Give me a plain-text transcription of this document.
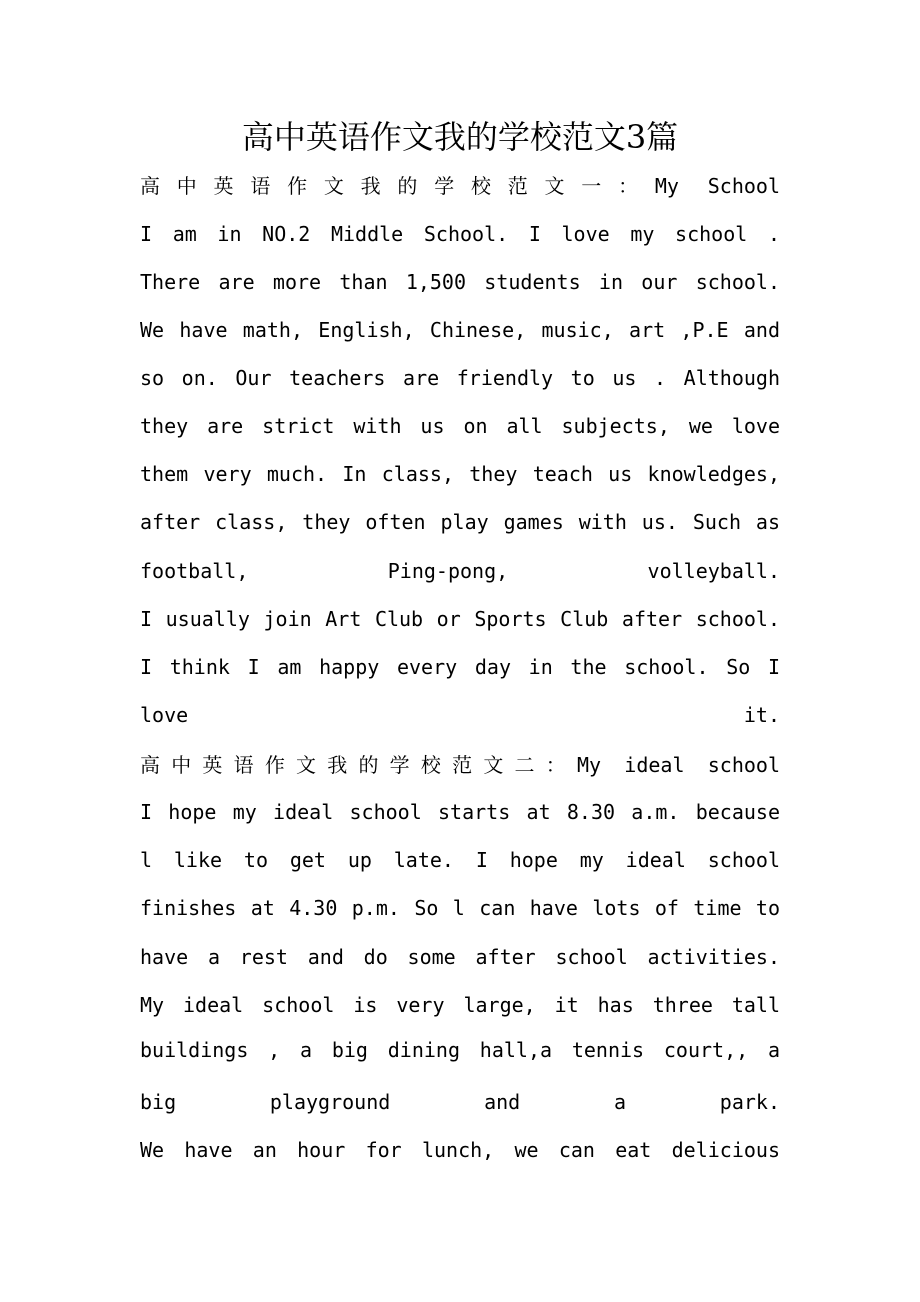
高中英语作文我的学校范文3篇
高中英语作文我的学校范文一：My School
I am in NO.2 Middle School. I love my school .
There are more than 1,500 students in our school.
We have math, English, Chinese, music, art ,P.E and
so on. Our teachers are friendly to us . Although
they are strict with us on all subjects, we love
them very much. In class, they teach us knowledges,
after class, they often play games with us. Such as
football, Ping-pong, volleyball.
I usually join Art Club or Sports Club after school.
I think I am happy every day in the school. So I
love it.
高中英语作文我的学校范文二：My ideal school
I hope my ideal school starts at 8.30 a.m. because
l like to get up late. I hope my ideal school
finishes at 4.30 p.m. So l can have lots of time to
have a rest and do some after school activities.
My ideal school is very large, it has three tall
buildings , a big dining hall,a tennis court,, a
big playground and a park.
We have an hour for lunch, we can eat delicious
